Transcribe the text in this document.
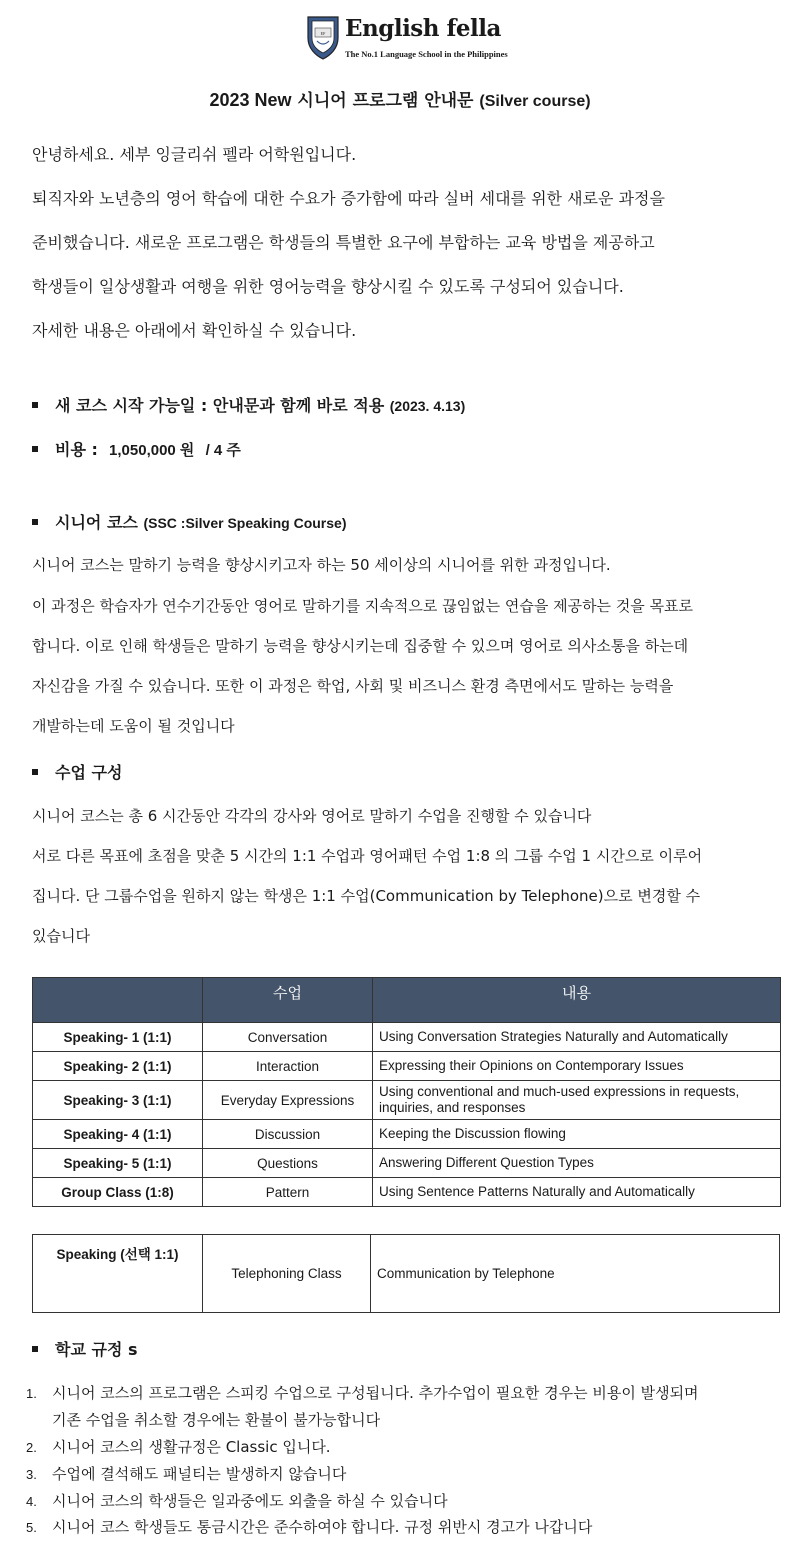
EF English fella
The No.1 Language School in the Philippines
2023 New 시니어 프로그램 안내문 (Silver course)
안녕하세요. 세부 잉글리쉬 펠라 어학원입니다.
퇴직자와 노년층의 영어 학습에 대한 수요가 증가함에 따라 실버 세대를 위한 새로운 과정을
준비했습니다. 새로운 프로그램은 학생들의 특별한 요구에 부합하는 교육 방법을 제공하고
학생들이 일상생활과 여행을 위한 영어능력을 향상시킬 수 있도록 구성되어 있습니다.
자세한 내용은 아래에서 확인하실 수 있습니다.
새 코스 시작 가능일 : 안내문과 함께 바로 적용 (2023. 4.13)
비용 : 1,050,000 원 / 4 주
시니어 코스 (SSC :Silver Speaking Course)
시니어 코스는 말하기 능력을 향상시키고자 하는 50 세이상의 시니어를 위한 과정입니다.
이 과정은 학습자가 연수기간동안 영어로 말하기를 지속적으로 끊임없는 연습을 제공하는 것을 목표로
합니다. 이로 인해 학생들은 말하기 능력을 향상시키는데 집중할 수 있으며 영어로 의사소통을 하는데
자신감을 가질 수 있습니다. 또한 이 과정은 학업, 사회 및 비즈니스 환경 측면에서도 말하는 능력을
개발하는데 도움이 될 것입니다
수업 구성
시니어 코스는 총 6 시간동안 각각의 강사와 영어로 말하기 수업을 진행할 수 있습니다
서로 다른 목표에 초점을 맞춘 5 시간의 1:1 수업과 영어패턴 수업 1:8 의 그룹 수업 1 시간으로 이루어
집니다. 단 그룹수업을 원하지 않는 학생은 1:1 수업(Communication by Telephone)으로 변경할 수
있습니다
	수업	내용
Speaking- 1 (1:1)	Conversation	Using Conversation Strategies Naturally and Automatically
Speaking- 2 (1:1)	Interaction	Expressing their Opinions on Contemporary Issues
Speaking- 3 (1:1)	Everyday Expressions	Using conventional and much-used expressions in requests, inquiries, and responses
Speaking- 4 (1:1)	Discussion	Keeping the Discussion flowing
Speaking- 5 (1:1)	Questions	Answering Different Question Types
Group Class (1:8)	Pattern	Using Sentence Patterns Naturally and Automatically
Speaking (선택 1:1)	Telephoning Class	Communication by Telephone
학교 규정 s
1. 시니어 코스의 프로그램은 스피킹 수업으로 구성됩니다. 추가수업이 필요한 경우는 비용이 발생되며
기존 수업을 취소할 경우에는 환불이 불가능합니다
2. 시니어 코스의 생활규정은 Classic 입니다.
3. 수업에 결석해도 패널티는 발생하지 않습니다
4. 시니어 코스의 학생들은 일과중에도 외출을 하실 수 있습니다
5. 시니어 코스 학생들도 통금시간은 준수하여야 합니다. 규정 위반시 경고가 나갑니다
